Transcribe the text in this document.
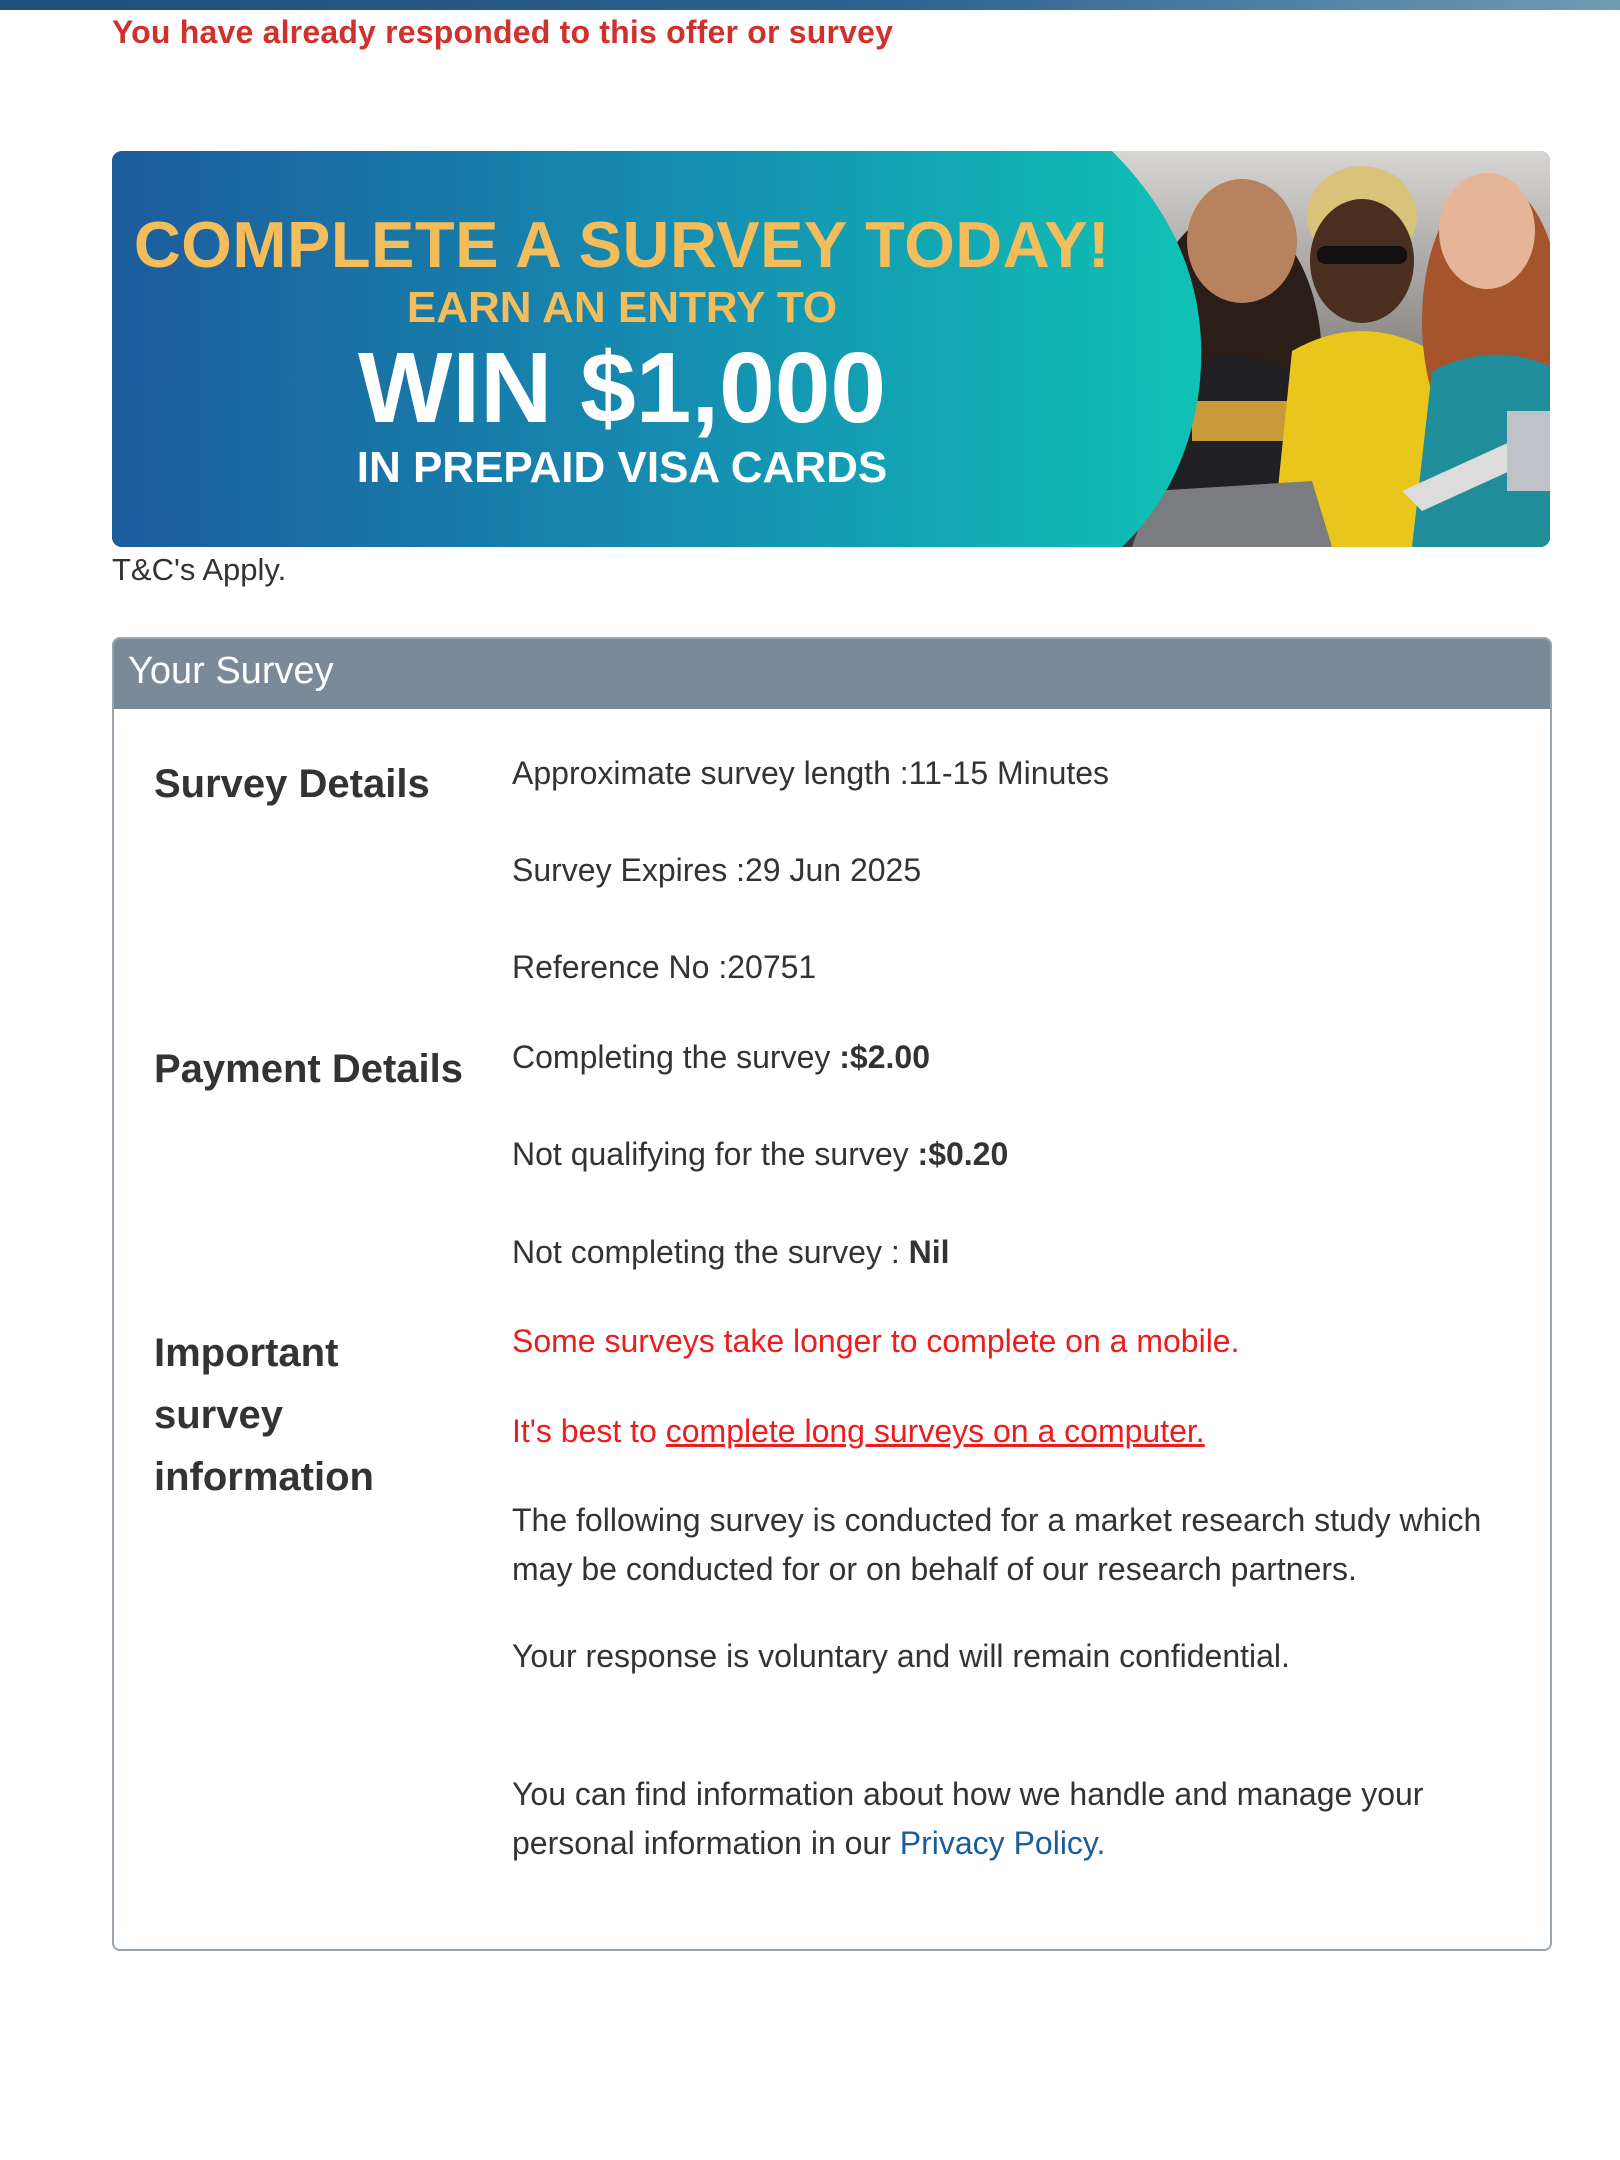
You have already responded to this offer or survey
COMPLETE A SURVEY TODAY!
EARN AN ENTRY TO
WIN $1,000
IN PREPAID VISA CARDS
T&C's Apply.
Your Survey
Survey Details	Approximate survey length :11-15 Minutes
Survey Expires :29 Jun 2025
Reference No :20751
Payment Details	Completing the survey :$2.00
Not qualifying for the survey :$0.20
Not completing the survey : Nil
Important survey information
Some surveys take longer to complete on a mobile.
It's best to complete long surveys on a computer.
The following survey is conducted for a market research study which may be conducted for or on behalf of our research partners.
Your response is voluntary and will remain confidential.
You can find information about how we handle and manage your personal information in our Privacy Policy.
